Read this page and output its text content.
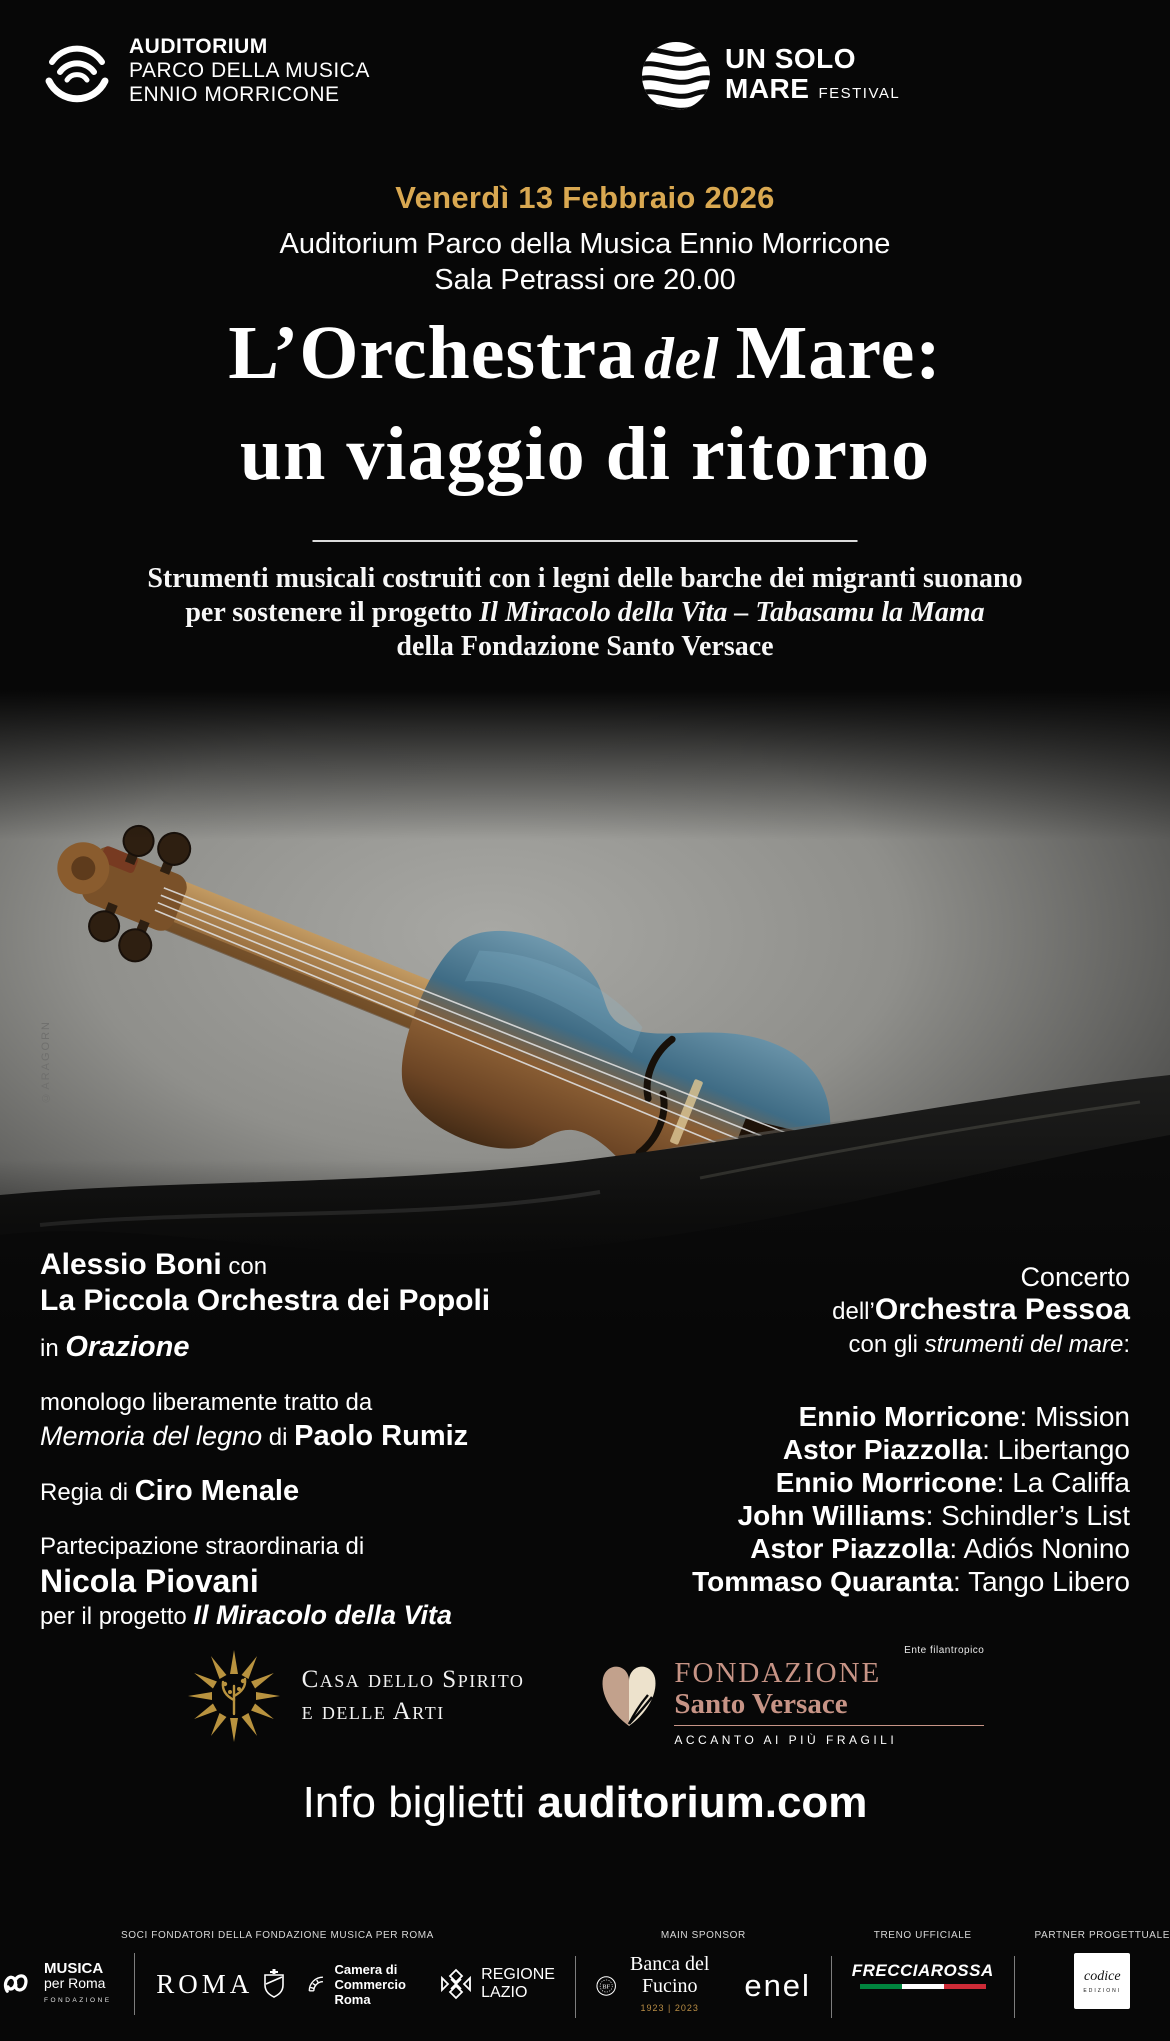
AUDITORIUM
PARCO DELLA MUSICA
ENNIO MORRICONE
UN SOLO
MARE FESTIVAL
Venerdì 13 Febbraio 2026
Auditorium Parco della Musica Ennio Morricone
Sala Petrassi ore 20.00
L’Orchestra del Mare:
un viaggio di ritorno
Strumenti musicali costruiti con i legni delle barche dei migranti suonano
per sostenere il progetto Il Miracolo della Vita – Tabasamu la Mama
della Fondazione Santo Versace
©ARAGORN
Alessio Boni con
La Piccola Orchestra dei Popoli
in Orazione
monologo liberamente tratto da
Memoria del legno di Paolo Rumiz
Regia di Ciro Menale
Partecipazione straordinaria di
Nicola Piovani
per il progetto Il Miracolo della Vita
Concerto
dell’Orchestra Pessoa
con gli strumenti del mare:
Ennio Morricone: Mission
Astor Piazzolla: Libertango
Ennio Morricone: La Califfa
John Williams: Schindler’s List
Astor Piazzolla: Adiós Nonino
Tommaso Quaranta: Tango Libero
Casa dello Spirito
e delle Arti
Ente filantropico
FONDAZIONE
Santo Versace
ACCANTO AI PIÙ FRAGILI
Info biglietti auditorium.com
SOCI FONDATORI DELLA FONDAZIONE MUSICA PER ROMA
MUSICA
per Roma
FONDAZIONE
ROMA	Camera di Commercio
Roma
REGIONE
LAZIO
MAIN SPONSOR
BF
Banca del Fucino
1923 | 2023
enel
TRENO UFFICIALE
FRECCIAROSSA
PARTNER PROGETTUALE
codice
EDIZIONI
